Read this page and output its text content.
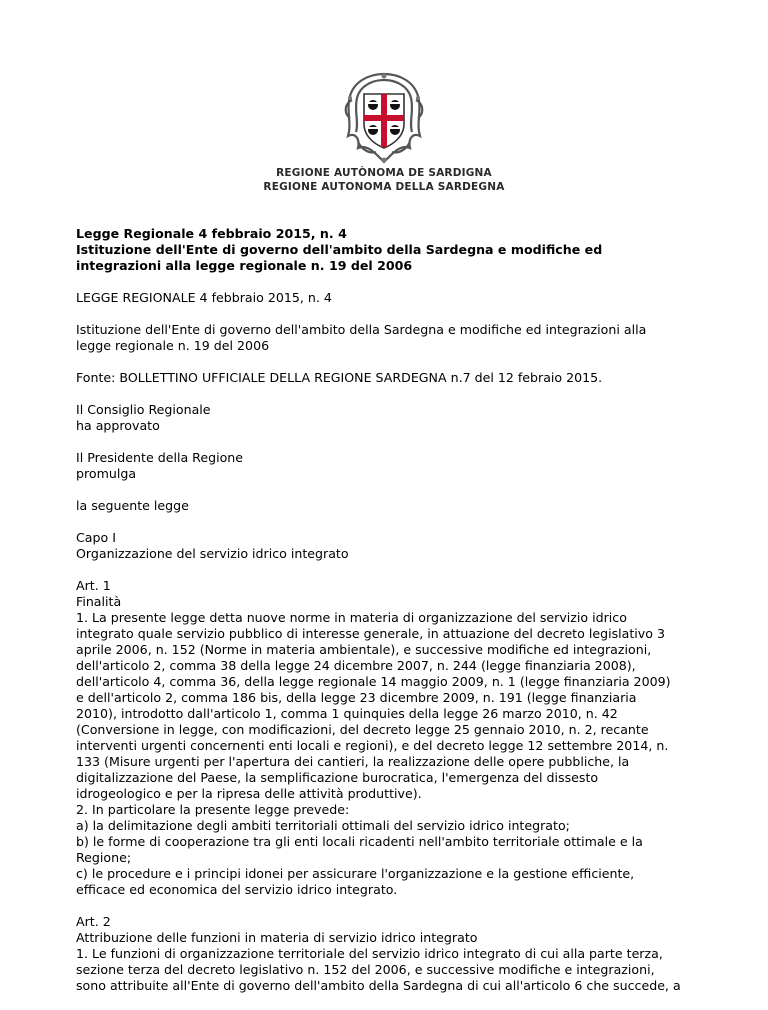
REGIONE AUTÒNOMA DE SARDIGNA
REGIONE AUTONOMA DELLA SARDEGNA

Legge Regionale 4 febbraio 2015, n. 4
Istituzione dell'Ente di governo dell'ambito della Sardegna e modifiche ed
integrazioni alla legge regionale n. 19 del 2006

LEGGE REGIONALE 4 febbraio 2015, n. 4

Istituzione dell'Ente di governo dell'ambito della Sardegna e modifiche ed integrazioni alla
legge regionale n. 19 del 2006

Fonte: BOLLETTINO UFFICIALE DELLA REGIONE SARDEGNA n.7 del 12 febraio 2015.

Il Consiglio Regionale
ha approvato

Il Presidente della Regione
promulga

la seguente legge

Capo I
Organizzazione del servizio idrico integrato

Art. 1
Finalità
1. La presente legge detta nuove norme in materia di organizzazione del servizio idrico
integrato quale servizio pubblico di interesse generale, in attuazione del decreto legislativo 3
aprile 2006, n. 152 (Norme in materia ambientale), e successive modifiche ed integrazioni,
dell'articolo 2, comma 38 della legge 24 dicembre 2007, n. 244 (legge finanziaria 2008),
dell'articolo 4, comma 36, della legge regionale 14 maggio 2009, n. 1 (legge finanziaria 2009)
e dell'articolo 2, comma 186 bis, della legge 23 dicembre 2009, n. 191 (legge finanziaria
2010), introdotto dall'articolo 1, comma 1 quinquies della legge 26 marzo 2010, n. 42
(Conversione in legge, con modificazioni, del decreto legge 25 gennaio 2010, n. 2, recante
interventi urgenti concernenti enti locali e regioni), e del decreto legge 12 settembre 2014, n.
133 (Misure urgenti per l'apertura dei cantieri, la realizzazione delle opere pubbliche, la
digitalizzazione del Paese, la semplificazione burocratica, l'emergenza del dissesto
idrogeologico e per la ripresa delle attività produttive).
2. In particolare la presente legge prevede:
a) la delimitazione degli ambiti territoriali ottimali del servizio idrico integrato;
b) le forme di cooperazione tra gli enti locali ricadenti nell'ambito territoriale ottimale e la
Regione;
c) le procedure e i principi idonei per assicurare l'organizzazione e la gestione efficiente,
efficace ed economica del servizio idrico integrato.

Art. 2
Attribuzione delle funzioni in materia di servizio idrico integrato
1. Le funzioni di organizzazione territoriale del servizio idrico integrato di cui alla parte terza,
sezione terza del decreto legislativo n. 152 del 2006, e successive modifiche e integrazioni,
sono attribuite all'Ente di governo dell'ambito della Sardegna di cui all'articolo 6 che succede, a
